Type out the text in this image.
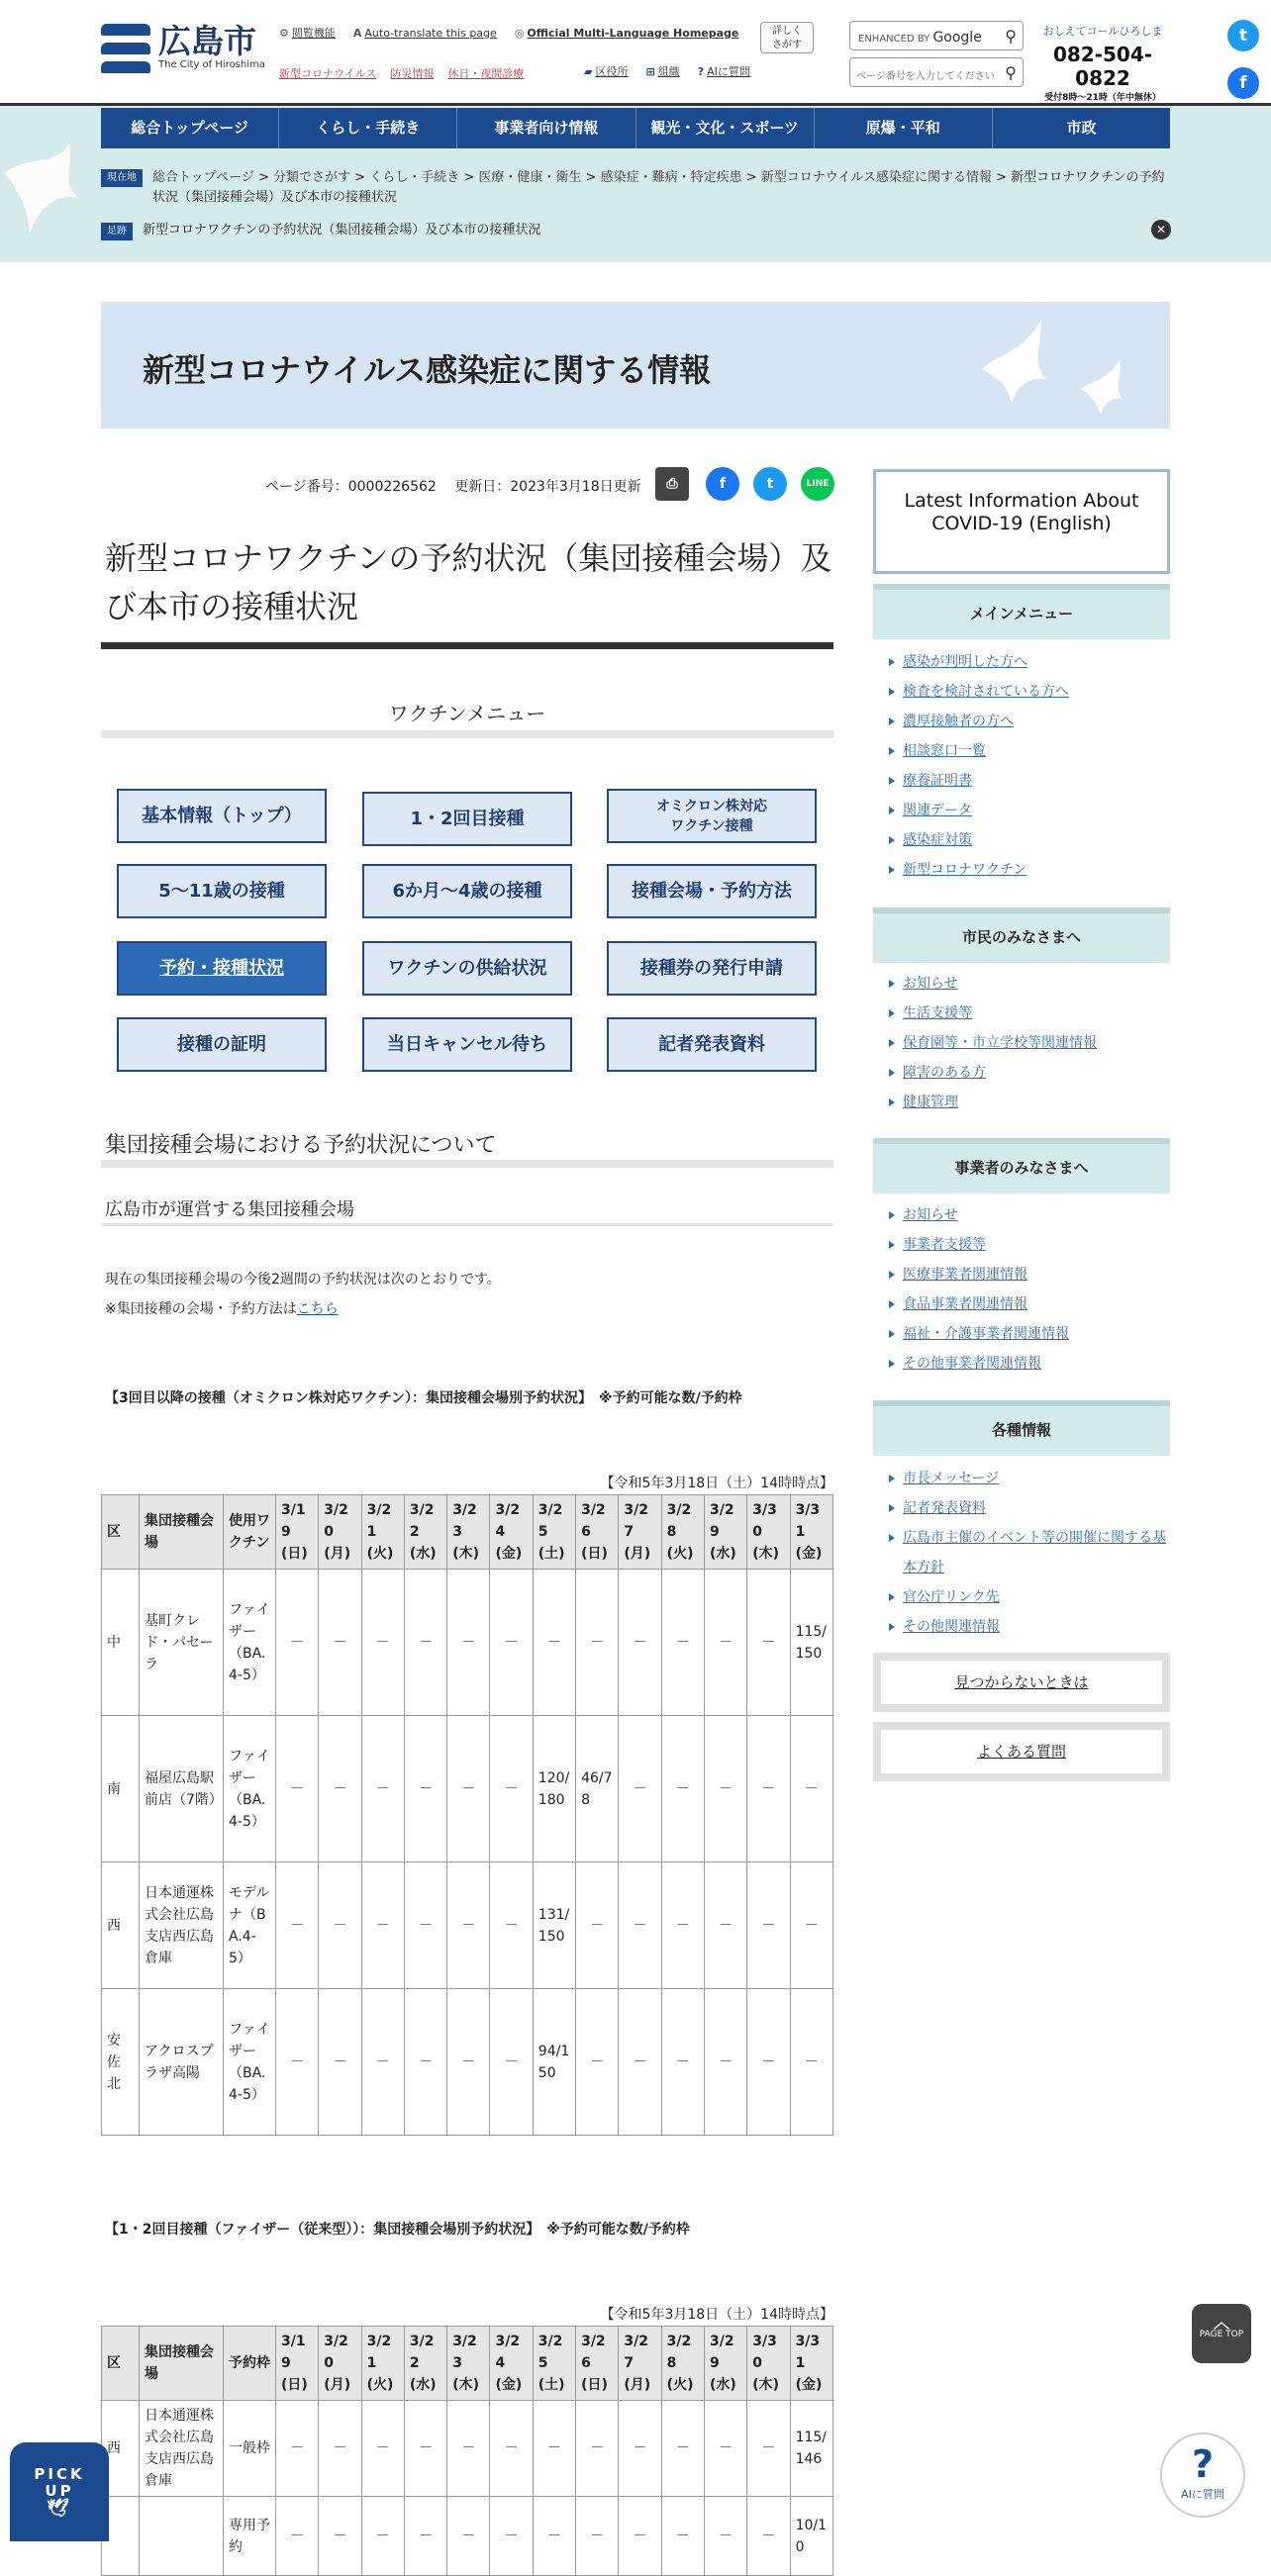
広島市
The City of Hiroshima
⚙ 閲覧機能 A Auto-translate this page ◎ Official Multi-Language Homepage
新型コロナウイルス 防災情報 休日・夜間診療	▰ 区役所 ⊞ 組織 ? AIに質問
詳しく
さがす
ENHANCED BY Google ⚲
ページ番号を入力してください ⚲
おしえてコールひろしま
082-504-0822
受付8時～21時（年中無休）
t
f
総合トップページ	くらし・手続き	事業者向け情報	観光・文化・スポーツ	原爆・平和	市政
現在地	総合トップページ > 分類でさがす > くらし・手続き > 医療・健康・衛生 > 感染症・難病・特定疾患 > 新型コロナウイルス感染症に関する情報 > 新型コロナワクチンの予約状況（集団接種会場）及び本市の接種状況
足跡	新型コロナワクチンの予約状況（集団接種会場）及び本市の接種状況	✕
新型コロナウイルス感染症に関する情報
ページ番号：0000226562　 更新日：2023年3月18日更新	⎙	f	t	LINE
新型コロナワクチンの予約状況（集団接種会場）及び本市の接種状況
ワクチンメニュー
基本情報（トップ）	1・2回目接種
オミクロン株対応
ワクチン接種
5～11歳の接種	6か月～4歳の接種	接種会場・予約方法
予約・接種状況	ワクチンの供給状況	接種券の発行申請
接種の証明	当日キャンセル待ち	記者発表資料
集団接種会場における予約状況について
広島市が運営する集団接種会場
現在の集団接種会場の今後2週間の予約状況は次のとおりです。
※集団接種の会場・予約方法はこちら
【3回目以降の接種（オミクロン株対応ワクチン）：集団接種会場別予約状況】　※予約可能な数/予約枠
【令和5年3月18日（土）14時時点】
区	集団接種会場	使用ワクチン	3/19(日)	3/20(月)	3/21(火)	3/22(水)	3/23(木)	3/24(金)	3/25(土)	3/26(日)	3/27(月)	3/28(火)	3/29(水)	3/30(木)	3/31(金)
中	基町クレド・パセーラ	ファイザー（BA.4-5）	－	－	－	－	－	－	－	－	－	－	－	－	115/150
南	福屋広島駅前店（7階）	ファイザー（BA.4-5）	－	－	－	－	－	－	120/180	46/78	－	－	－	－	－
西	日本通運株式会社広島支店西広島倉庫	モデルナ（BA.4-5）	－	－	－	－	－	－	131/150	－	－	－	－	－	－
安佐北	アクロスプラザ高陽	ファイザー（BA.4-5）	－	－	－	－	－	－	94/150	－	－	－	－	－	－
【1・2回目接種（ファイザー（従来型））：集団接種会場別予約状況】　※予約可能な数/予約枠
【令和5年3月18日（土）14時時点】
区	集団接種会場	予約枠	3/19(日)	3/20(月)	3/21(火)	3/22(水)	3/23(木)	3/24(金)	3/25(土)	3/26(日)	3/27(月)	3/28(火)	3/29(水)	3/30(木)	3/31(金)
西	日本通運株式会社広島支店西広島倉庫	一般枠	－	－	－	－	－	－	－	－	－	－	－	－	115/146
		専用予約	－	－	－	－	－	－	－	－	－	－	－	－	10/10
Latest Information About COVID-19 (English)
メインメニュー
感染が判明した方へ
検査を検討されている方へ
濃厚接触者の方へ
相談窓口一覧
療養証明書
関連データ
感染症対策
新型コロナワクチン
市民のみなさまへ
お知らせ
生活支援等
保育園等・市立学校等関連情報
障害のある方
健康管理
事業者のみなさまへ
お知らせ
事業者支援等
医療事業者関連情報
食品事業者関連情報
福祉・介護事業者関連情報
その他事業者関連情報
各種情報
市長メッセージ
記者発表資料
広島市主催のイベント等の開催に関する基本方針
官公庁リンク先
その他関連情報
見つからないときは
よくある質問
︿
PAGE TOP
PICK UP
🕊
?
AIに質問
